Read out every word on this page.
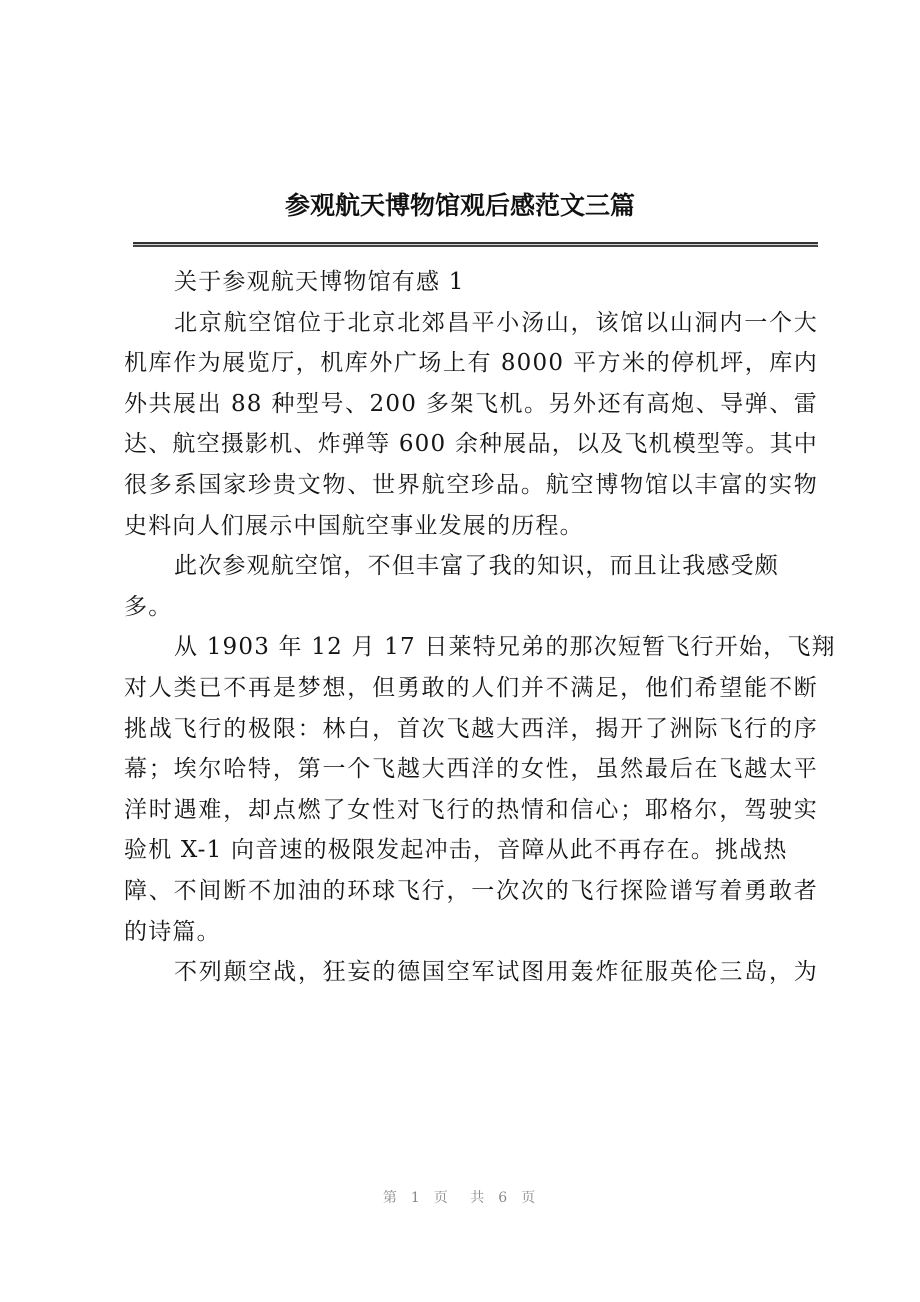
参观航天博物馆观后感范文三篇
关于参观航天博物馆有感 1
北京航空馆位于北京北郊昌平小汤山，该馆以山洞内一个大
机库作为展览厅，机库外广场上有 8000 平方米的停机坪，库内
外共展出 88 种型号、200 多架飞机。另外还有高炮、导弹、雷
达、航空摄影机、炸弹等 600 余种展品，以及飞机模型等。其中
很多系国家珍贵文物、世界航空珍品。航空博物馆以丰富的实物
史料向人们展示中国航空事业发展的历程。
此次参观航空馆，不但丰富了我的知识，而且让我感受颇
多。
从 1903 年 12 月 17 日莱特兄弟的那次短暂飞行开始，飞翔
对人类已不再是梦想，但勇敢的人们并不满足，他们希望能不断
挑战飞行的极限：林白，首次飞越大西洋，揭开了洲际飞行的序
幕；埃尔哈特，第一个飞越大西洋的女性，虽然最后在飞越太平
洋时遇难，却点燃了女性对飞行的热情和信心；耶格尔，驾驶实
验机 X-1 向音速的极限发起冲击，音障从此不再存在。挑战热
障、不间断不加油的环球飞行，一次次的飞行探险谱写着勇敢者
的诗篇。
不列颠空战，狂妄的德国空军试图用轰炸征服英伦三岛，为
第 1 页 共 6 页
